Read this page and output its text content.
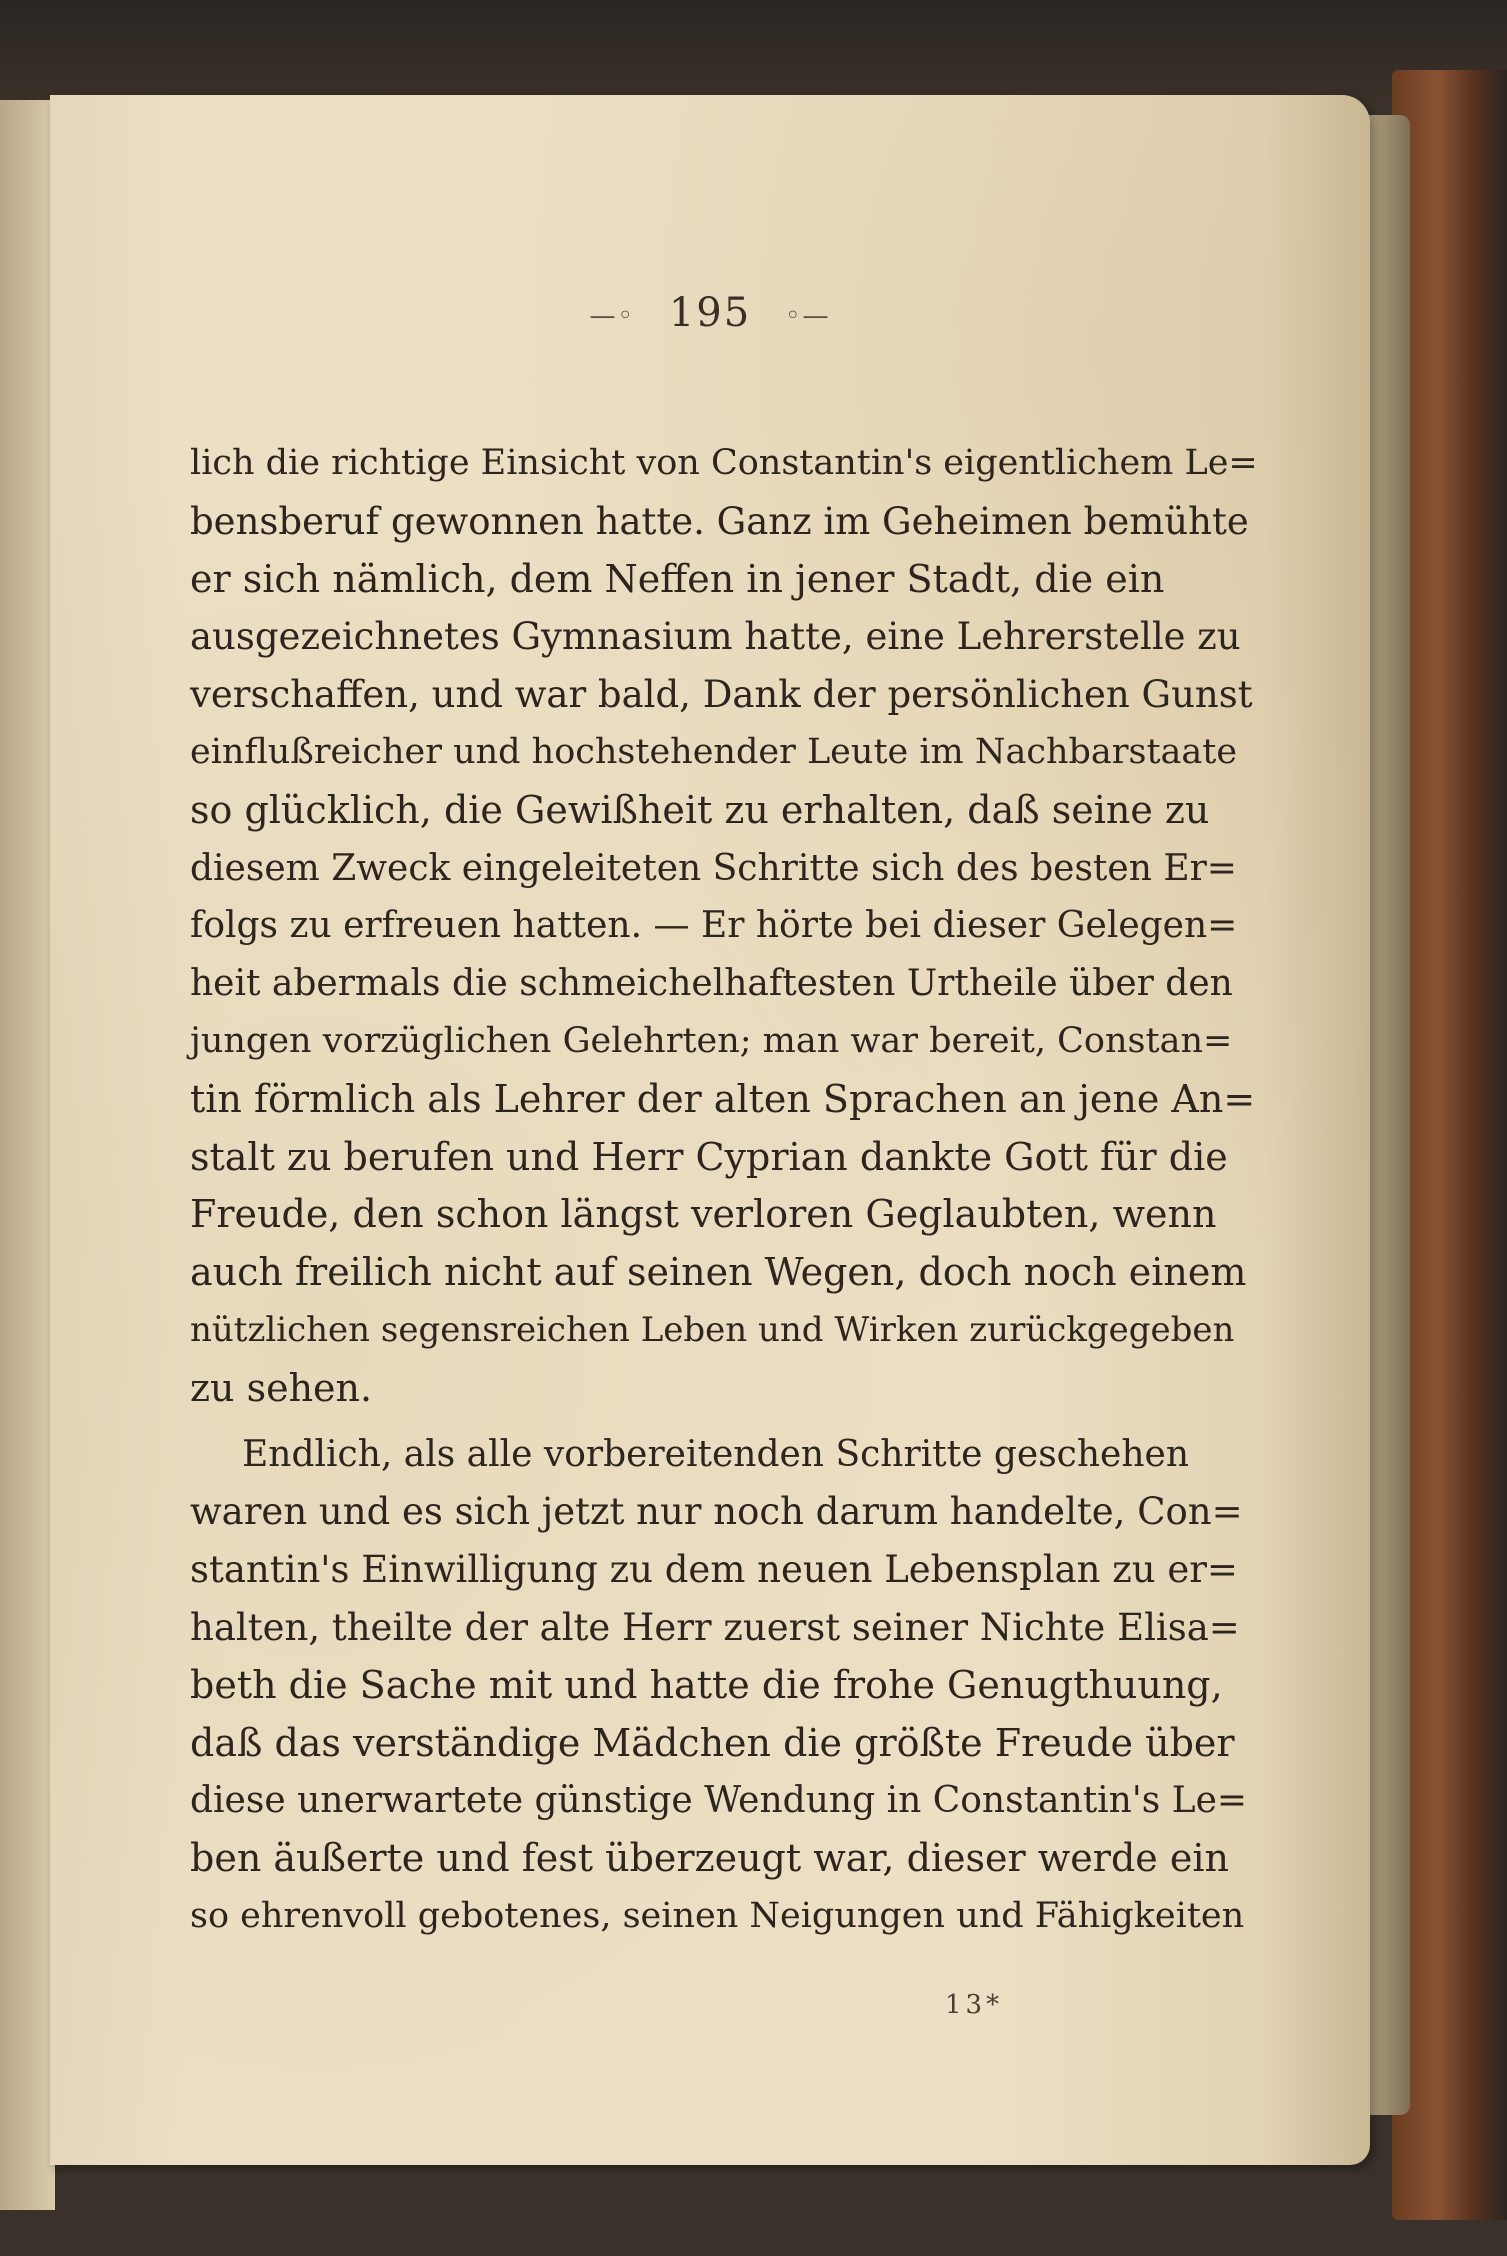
—◦ 195 ◦—
lich die richtige Einsicht von Constantin's eigentlichem Le=
bensberuf gewonnen hatte. Ganz im Geheimen bemühte
er sich nämlich, dem Neffen in jener Stadt, die ein
ausgezeichnetes Gymnasium hatte, eine Lehrerstelle zu
verschaffen, und war bald, Dank der persönlichen Gunst
einflußreicher und hochstehender Leute im Nachbarstaate
so glücklich, die Gewißheit zu erhalten, daß seine zu
diesem Zweck eingeleiteten Schritte sich des besten Er=
folgs zu erfreuen hatten. — Er hörte bei dieser Gelegen=
heit abermals die schmeichelhaftesten Urtheile über den
jungen vorzüglichen Gelehrten; man war bereit, Constan=
tin förmlich als Lehrer der alten Sprachen an jene An=
stalt zu berufen und Herr Cyprian dankte Gott für die
Freude, den schon längst verloren Geglaubten, wenn
auch freilich nicht auf seinen Wegen, doch noch einem
nützlichen segensreichen Leben und Wirken zurückgegeben
zu sehen.
Endlich, als alle vorbereitenden Schritte geschehen
waren und es sich jetzt nur noch darum handelte, Con=
stantin's Einwilligung zu dem neuen Lebensplan zu er=
halten, theilte der alte Herr zuerst seiner Nichte Elisa=
beth die Sache mit und hatte die frohe Genugthuung,
daß das verständige Mädchen die größte Freude über
diese unerwartete günstige Wendung in Constantin's Le=
ben äußerte und fest überzeugt war, dieser werde ein
so ehrenvoll gebotenes, seinen Neigungen und Fähigkeiten
13*
